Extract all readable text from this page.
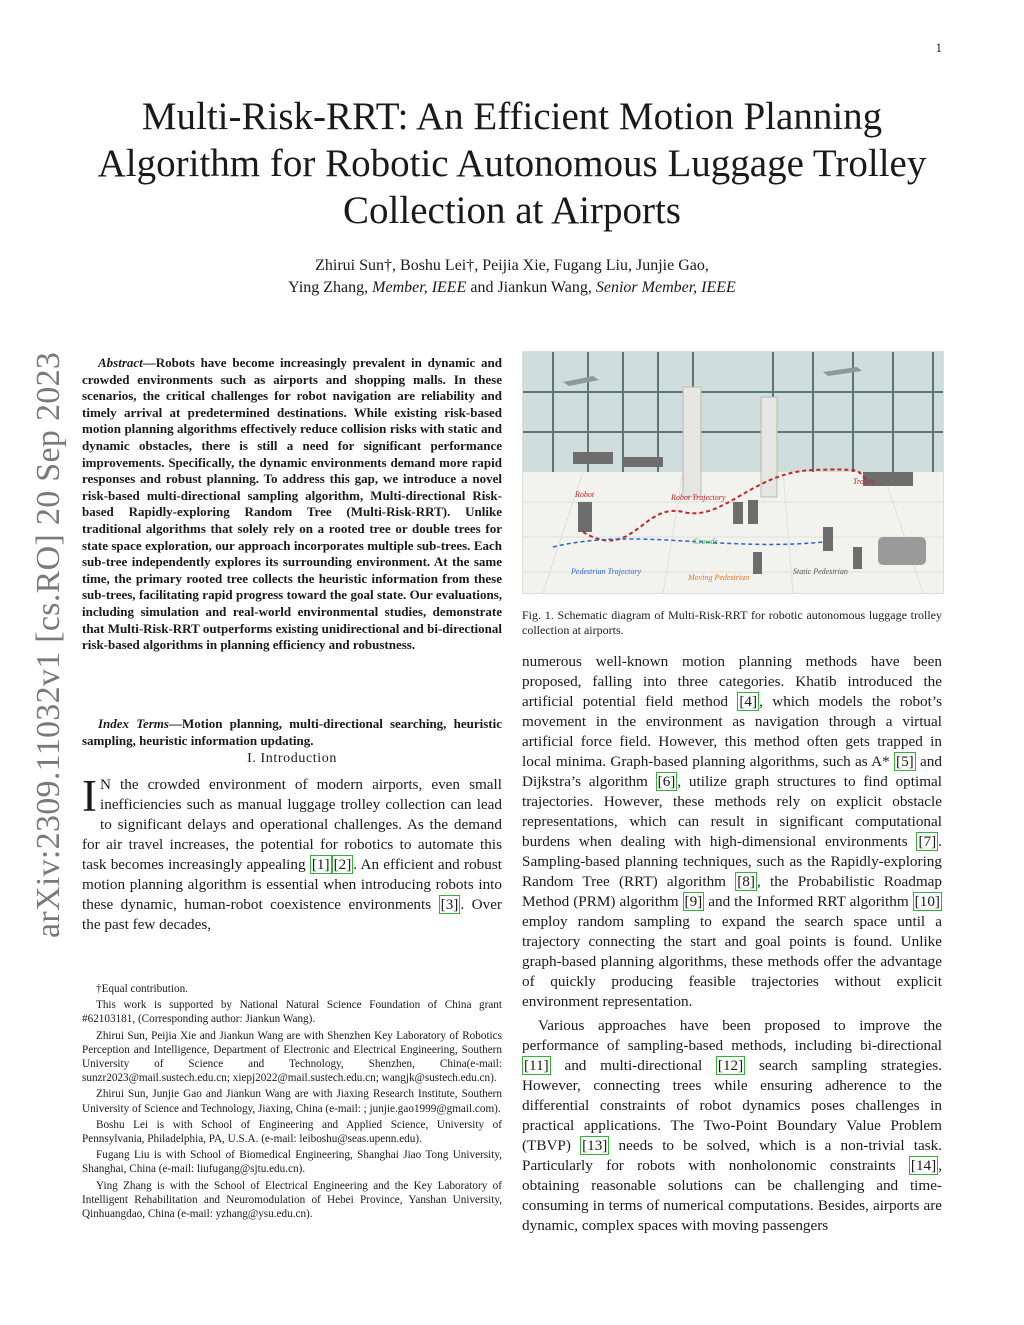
1
Multi-Risk-RRT: An Efficient Motion Planning Algorithm for Robotic Autonomous Luggage Trolley Collection at Airports
Zhirui Sun†, Boshu Lei†, Peijia Xie, Fugang Liu, Junjie Gao,
Ying Zhang, Member, IEEE and Jiankun Wang, Senior Member, IEEE
arXiv:2309.11032v1 [cs.RO] 20 Sep 2023	Abstract—Robots have become increasingly prevalent in dynamic and crowded environments such as airports and shopping malls. In these scenarios, the critical challenges for robot navigation are reliability and timely arrival at predetermined destinations. While existing risk-based motion planning algorithms effectively reduce collision risks with static and dynamic obstacles, there is still a need for significant performance improvements. Specifically, the dynamic environments demand more rapid responses and robust planning. To address this gap, we introduce a novel risk-based multi-directional sampling algorithm, Multi-directional Risk-based Rapidly-exploring Random Tree (Multi-Risk-RRT). Unlike traditional algorithms that solely rely on a rooted tree or double trees for state space exploration, our approach incorporates multiple sub-trees. Each sub-tree independently explores its surrounding environment. At the same time, the primary rooted tree collects the heuristic information from these sub-trees, facilitating rapid progress toward the goal state. Our evaluations, including simulation and real-world environmental studies, demonstrate that Multi-Risk-RRT outperforms existing unidirectional and bi-directional risk-based algorithms in planning efficiency and robustness.
Index Terms—Motion planning, multi-directional searching, heuristic sampling, heuristic information updating.
I. Introduction
I N the crowded environment of modern airports, even small inefficiencies such as manual luggage trolley collection can lead to significant delays and operational challenges. As the demand for air travel increases, the potential for robotics to automate this task becomes increasingly appealing [1] [2] . An efficient and robust motion planning algorithm is essential when introducing robots into these dynamic, human-robot coexistence environments [3] . Over the past few decades,

†Equal contribution.

This work is supported by National Natural Science Foundation of China grant #62103181, (Corresponding author: Jiankun Wang).

Zhirui Sun, Peijia Xie and Jiankun Wang are with Shenzhen Key Laboratory of Robotics Perception and Intelligence, Department of Electronic and Electrical Engineering, Southern University of Science and Technology, Shenzhen, China(e-mail: sunzr2023@mail.sustech.edu.cn; xiepj2022@mail.sustech.edu.cn; wangjk@sustech.edu.cn).

Zhirui Sun, Junjie Gao and Jiankun Wang are with Jiaxing Research Institute, Southern University of Science and Technology, Jiaxing, China (e-mail: ; junjie.gao1999@gmail.com).

Boshu Lei is with School of Engineering and Applied Science, University of Pennsylvania, Philadelphia, PA, U.S.A. (e-mail: leiboshu@seas.upenn.edu).

Fugang Liu is with School of Biomedical Engineering, Shanghai Jiao Tong University, Shanghai, China (e-mail: liufugang@sjtu.edu.cn).

Ying Zhang is with the School of Electrical Engineering and the Key Laboratory of Intelligent Rehabilitation and Neuromodulation of Hebei Province, Yanshan University, Qinhuangdao, China (e-mail: yzhang@ysu.edu.cn).

Robot	Robot Trajectory
Trolley
Crowds
Pedestrian Trajectory
Moving Pedestrian
Static Pedestrian
Fig. 1. Schematic diagram of Multi-Risk-RRT for robotic autonomous luggage trolley collection at airports.

numerous well-known motion planning methods have been proposed, falling into three categories. Khatib introduced the artificial potential field method [4] , which models the robot’s movement in the environment as navigation through a virtual artificial force field. However, this method often gets trapped in local minima. Graph-based planning algorithms, such as A* [5] and Dijkstra’s algorithm [6] , utilize graph structures to find optimal trajectories. However, these methods rely on explicit obstacle representations, which can result in significant computational burdens when dealing with high-dimensional environments [7] . Sampling-based planning techniques, such as the Rapidly-exploring Random Tree (RRT) algorithm [8] , the Probabilistic Roadmap Method (PRM) algorithm [9] and the Informed RRT algorithm [10] employ random sampling to expand the search space until a trajectory connecting the start and goal points is found. Unlike graph-based planning algorithms, these methods offer the advantage of quickly producing feasible trajectories without explicit environment representation.

Various approaches have been proposed to improve the performance of sampling-based methods, including bi-directional [11] and multi-directional [12] search sampling strategies. However, connecting trees while ensuring adherence to the differential constraints of robot dynamics poses challenges in practical applications. The Two-Point Boundary Value Problem (TBVP) [13] needs to be solved, which is a non-trivial task. Particularly for robots with nonholonomic constraints [14] , obtaining reasonable solutions can be challenging and time-consuming in terms of numerical computations. Besides, airports are dynamic, complex spaces with moving passengers
